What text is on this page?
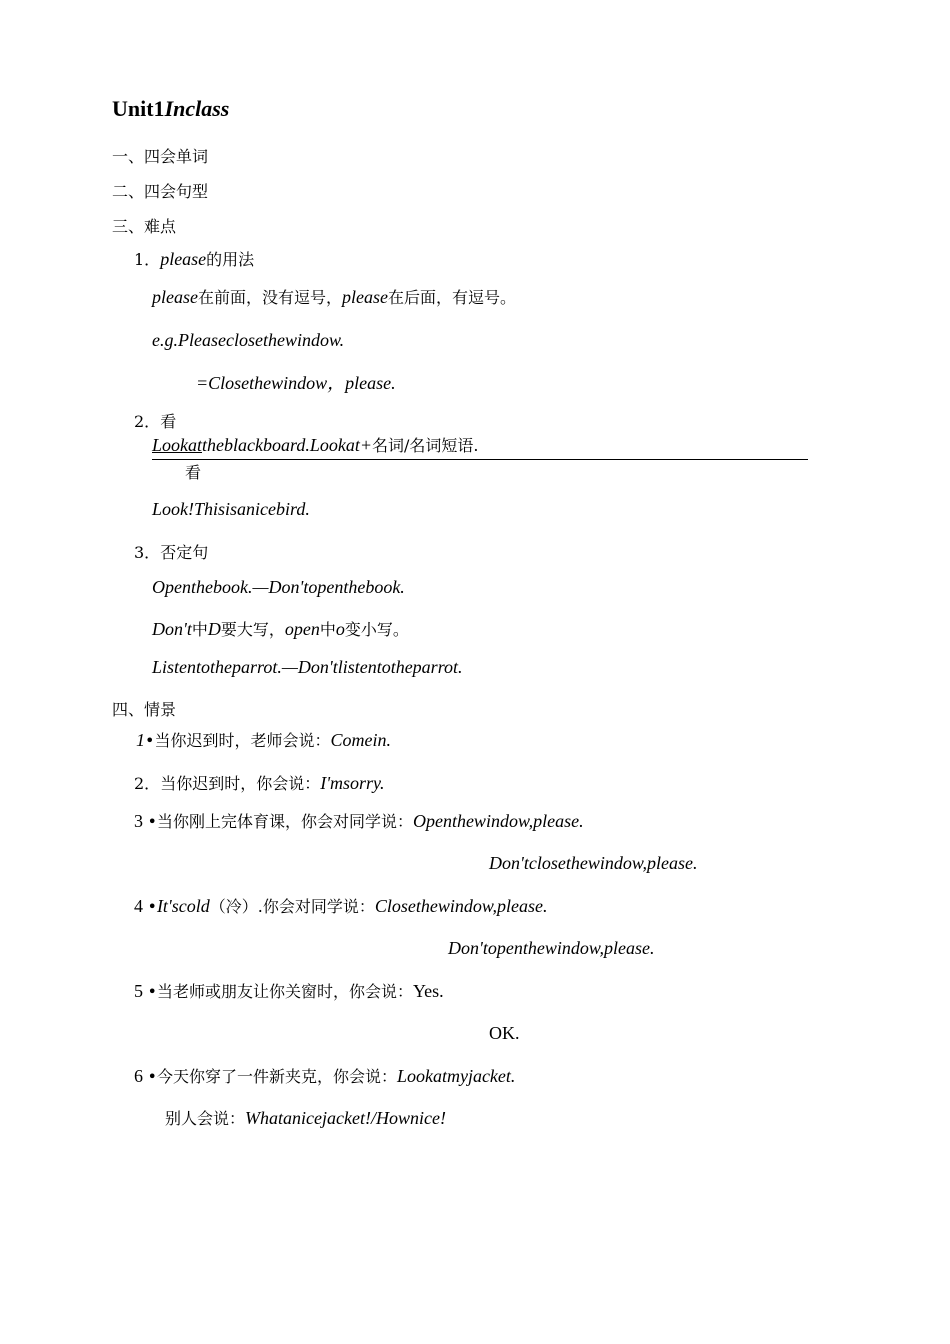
Unit1Inclass
一、四会单词
二、四会句型
三、难点
1．please的用法
please在前面，没有逗号，please在后面，有逗号。
e.g.Pleaseclosethewindow.
=Closethewindow，please.
2．看
Lookattheblackboard.Lookat+名词/名词短语.
看
Look!Thisisanicebird.
3．否定句
Openthebook.—Don'topenthebook.
Don't中D要大写，open中o变小写。
Listentotheparrot.—Don'tlistentotheparrot.
四、情景
1•当你迟到时，老师会说：Comein.
2．当你迟到时，你会说：I'msorry.
3 •当你刚上完体育课，你会对同学说：Openthewindow,please.
Don'tclosethewindow,please.
4 •It'scold（冷）.你会对同学说：Closethewindow,please.
Don'topenthewindow,please.
5 •当老师或朋友让你关窗时，你会说：Yes.
OK.
6 •今天你穿了一件新夹克，你会说：Lookatmyjacket.
别人会说：Whatanicejacket!/Hownice!
